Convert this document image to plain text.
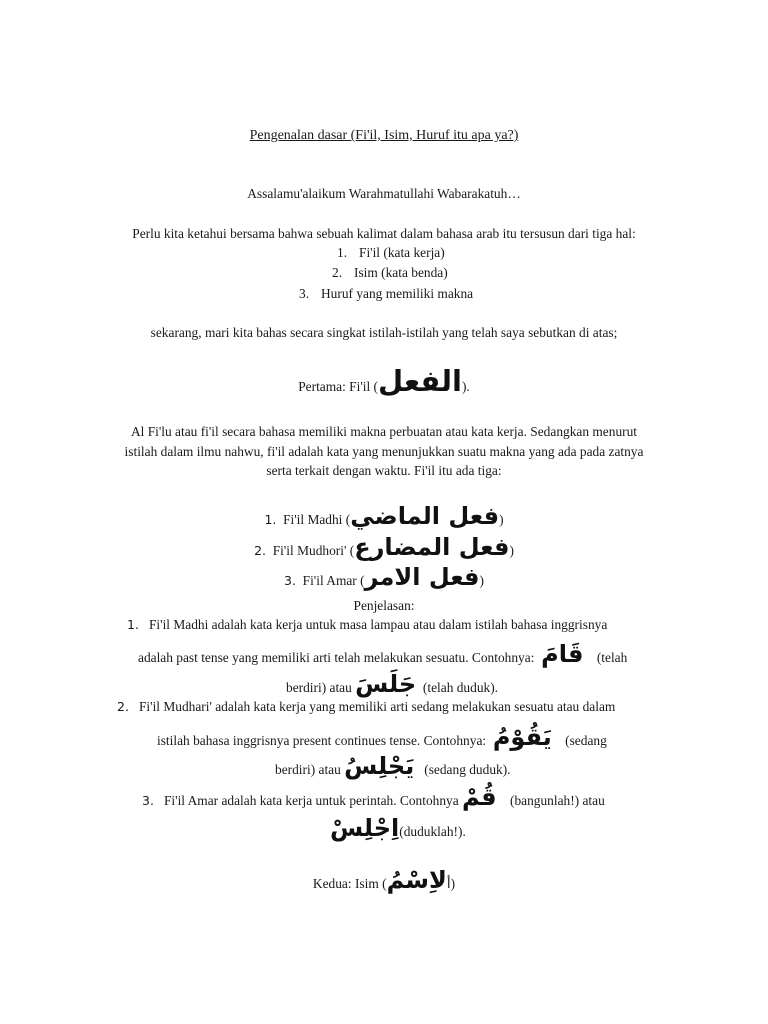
Pengenalan dasar (Fi'il, Isim, Huruf itu apa ya?)
Assalamu'alaikum Warahmatullahi Wabarakatuh…
Perlu kita ketahui bersama bahwa sebuah kalimat dalam bahasa arab itu tersusun dari tiga hal:
1. Fi'il (kata kerja)
2. Isim (kata benda)
3. Huruf yang memiliki makna
sekarang, mari kita bahas secara singkat istilah-istilah yang telah saya sebutkan di atas;
Pertama: Fi'il (الفعل).
Al Fi'lu atau fi'il secara bahasa memiliki makna perbuatan atau kata kerja. Sedangkan menurut
istilah dalam ilmu nahwu, fi'il adalah kata yang menunjukkan suatu makna yang ada pada zatnya
serta terkait dengan waktu. Fi'il itu ada tiga:
1. Fi'il Madhi (فعل الماضي)
2. Fi'il Mudhori' (فعل المضارع)
3. Fi'il Amar (فعل الامر)
Penjelasan:
1. Fi'il Madhi adalah kata kerja untuk masa lampau atau dalam istilah bahasa inggrisnya
adalah past tense yang memiliki arti telah melakukan sesuatu. Contohnya: قَامَ (telah
berdiri) atau جَلَسَ (telah duduk).
2. Fi'il Mudhari' adalah kata kerja yang memiliki arti sedang melakukan sesuatu atau dalam
istilah bahasa inggrisnya present continues tense. Contohnya: يَقُوْمُ (sedang
berdiri) atau يَجْلِسُ (sedang duduk).
3. Fi'il Amar adalah kata kerja untuk perintah. Contohnya قُمْ (bangunlah!) atau
اِجْلِسْ(duduklah!).
Kedua: Isim (لاِسْمُأ)
